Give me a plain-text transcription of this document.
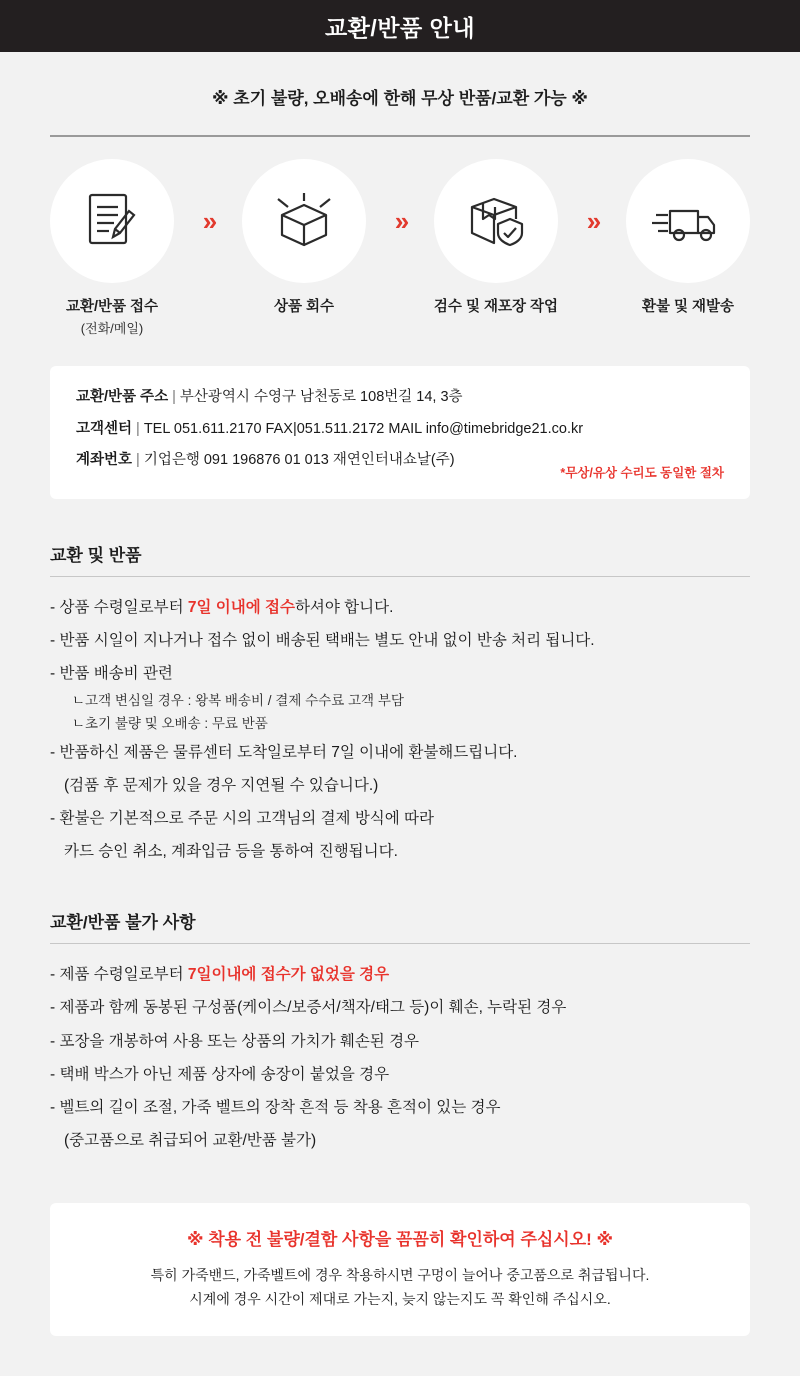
교환/반품 안내
※ 초기 불량, 오배송에 한해 무상 반품/교환 가능 ※
교환/반품 접수
(전화/메일)
»
상품 회수
»
검수 및 재포장 작업
»
환불 및 재발송
교환/반품 주소 | 부산광역시 수영구 남천동로 108번길 14, 3층
고객센터 | TEL 051.611.2170 FAX|051.511.2172 MAIL info@timebridge21.co.kr
계좌번호 | 기업은행 091 196876 01 013 재연인터내쇼날(주)
*무상/유상 수리도 동일한 절차
교환 및 반품
- 상품 수령일로부터 7일 이내에 접수하셔야 합니다.
- 반품 시일이 지나거나 접수 없이 배송된 택배는 별도 안내 없이 반송 처리 됩니다.
- 반품 배송비 관련
ㄴ고객 변심일 경우 : 왕복 배송비 / 결제 수수료 고객 부담
ㄴ초기 불량 및 오배송 : 무료 반품
- 반품하신 제품은 물류센터 도착일로부터 7일 이내에 환불해드립니다.
(검품 후 문제가 있을 경우 지연될 수 있습니다.)
- 환불은 기본적으로 주문 시의 고객님의 결제 방식에 따라
카드 승인 취소, 계좌입금 등을 통하여 진행됩니다.
교환/반품 불가 사항
- 제품 수령일로부터 7일이내에 접수가 없었을 경우
- 제품과 함께 동봉된 구성품(케이스/보증서/책자/태그 등)이 훼손, 누락된 경우
- 포장을 개봉하여 사용 또는 상품의 가치가 훼손된 경우
- 택배 박스가 아닌 제품 상자에 송장이 붙었을 경우
- 벨트의 길이 조절, 가죽 벨트의 장착 흔적 등 착용 흔적이 있는 경우
(중고품으로 취급되어 교환/반품 불가)
※ 착용 전 불량/결함 사항을 꼼꼼히 확인하여 주십시오! ※
특히 가죽밴드, 가죽벨트에 경우 착용하시면 구멍이 늘어나 중고품으로 취급됩니다.
시계에 경우 시간이 제대로 가는지, 늦지 않는지도 꼭 확인해 주십시오.
